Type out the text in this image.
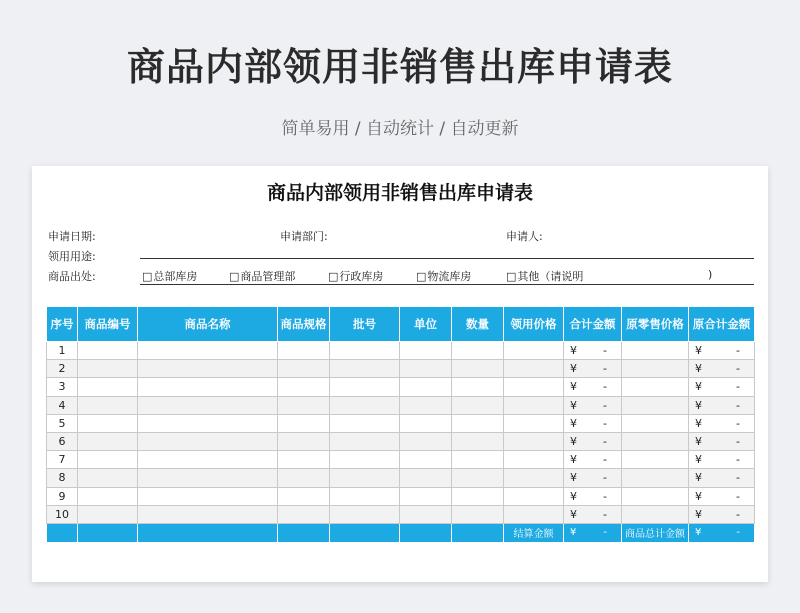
商品内部领用非销售出库申请表
简单易用 / 自动统计 / 自动更新
商品内部领用非销售出库申请表
申请日期:	申请部门:	申请人:
领用用途:
商品出处:	□总部库房	□商品管理部	□行政库房	□物流库房	□其他（请说明	)
序号	商品编号	商品名称	商品规格	批号	单位	数量	领用价格	合计金额	原零售价格	原合计金额
1								¥ -		¥ -

2								¥ -		¥ -

3								¥ -		¥ -

4								¥ -		¥ -

5								¥ -		¥ -

6								¥ -		¥ -

7								¥ -		¥ -

8								¥ -		¥ -

9								¥ -		¥ -

10								¥ -		¥ -

							结算金额	¥ -	商品总计金额	¥ -
